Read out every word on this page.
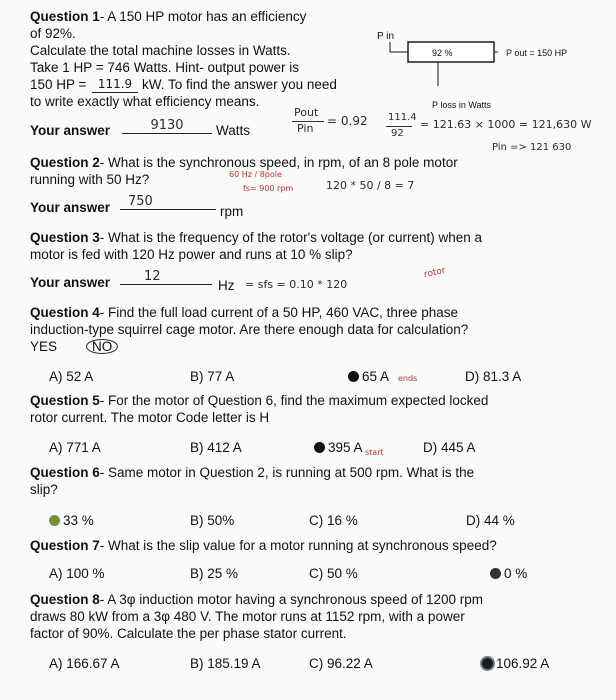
Question 1- A 150 HP motor has an efficiency
of 92%.
Calculate the total machine losses in Watts.
Take 1 HP = 746 Watts. Hint- output power is
150 HP = 111.9 kW. To find the answer you need
to write exactly what efficiency means.
Your answer	9130	Watts
P in
92 %	P out = 150 HP
P loss in Watts
Pout
Pin
= 0.92 111.4
92
= 121.63 × 1000 = 121,630 W
Pin => 121 630
Question 2- What is the synchronous speed, in rpm, of an 8 pole motor
running with 50 Hz?	60 Hz / 8pole
fs= 900 rpm	120 * 50 / 8 = 7
Your answer	750
rpm
Question 3- What is the frequency of the rotor's voltage (or current) when a
motor is fed with 120 Hz power and runs at 10 % slip?
Your answer	12
Hz = sfs = 0.10 * 120
rotor
Question 4- Find the full load current of a 50 HP, 460 VAC, three phase
induction-type squirrel cage motor. Are there enough data for calculation?
YES	NO
A) 52 A	B) 77 A	65 A ends	D) 81.3 A
Question 5- For the motor of Question 6, find the maximum expected locked
rotor current. The motor Code letter is H
A) 771 A	B) 412 A	395 A start	D) 445 A
Question 6- Same motor in Question 2, is running at 500 rpm. What is the
slip?
33 %	B) 50%	C) 16 %	D) 44 %
Question 7- What is the slip value for a motor running at synchronous speed?
A) 100 %	B) 25 %	C) 50 %	0 %
Question 8- A 3φ induction motor having a synchronous speed of 1200 rpm
draws 80 kW from a 3φ 480 V. The motor runs at 1152 rpm, with a power
factor of 90%. Calculate the per phase stator current.
A) 166.67 A	B) 185.19 A	C) 96.22 A	106.92 A
